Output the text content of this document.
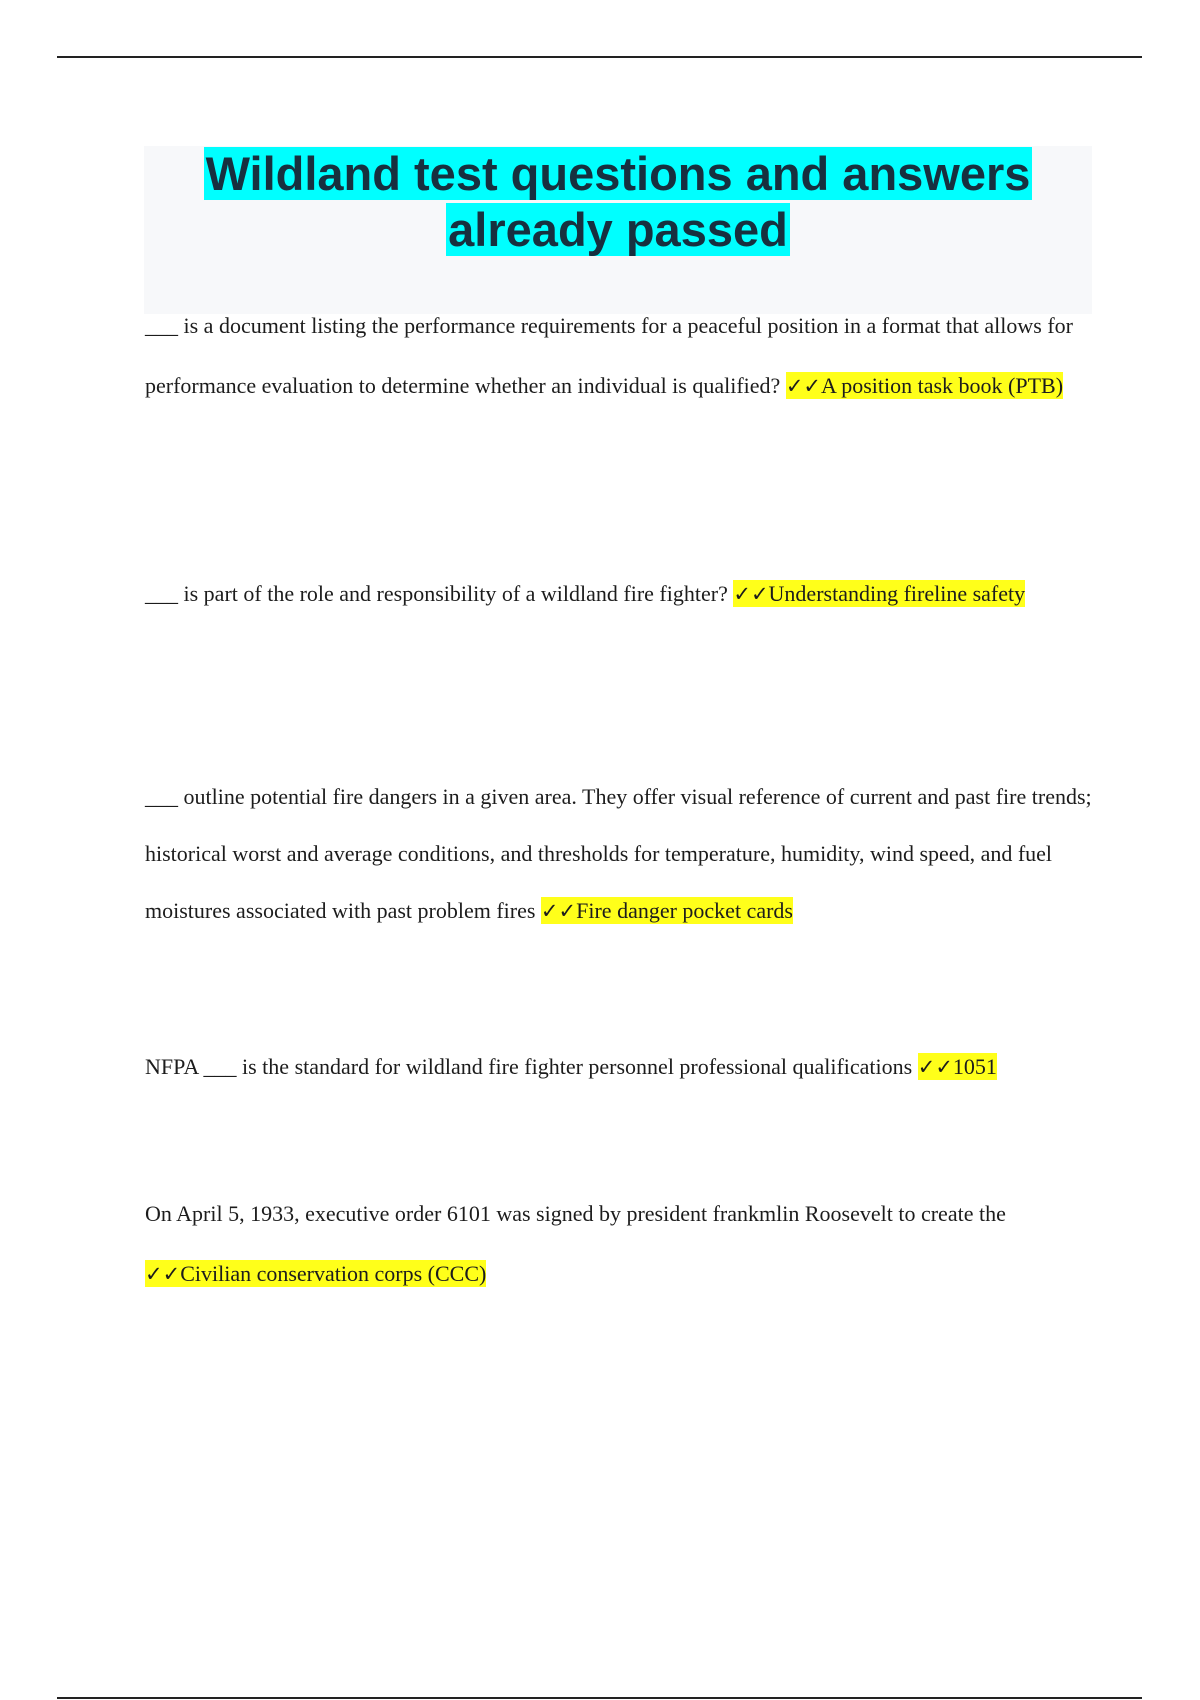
Wildland test questions and answers already passed

___ is a document listing the performance requirements for a peaceful position in a format that allows for performance evaluation to determine whether an individual is qualified? ✓✓A position task book (PTB)

___ is part of the role and responsibility of a wildland fire fighter? ✓✓Understanding fireline safety

___ outline potential fire dangers in a given area. They offer visual reference of current and past fire trends; historical worst and average conditions, and thresholds for temperature, humidity, wind speed, and fuel moistures associated with past problem fires ✓✓Fire danger pocket cards

NFPA ___ is the standard for wildland fire fighter personnel professional qualifications ✓✓1051

On April 5, 1933, executive order 6101 was signed by president frankmlin Roosevelt to create the ✓✓Civilian conservation corps (CCC)
